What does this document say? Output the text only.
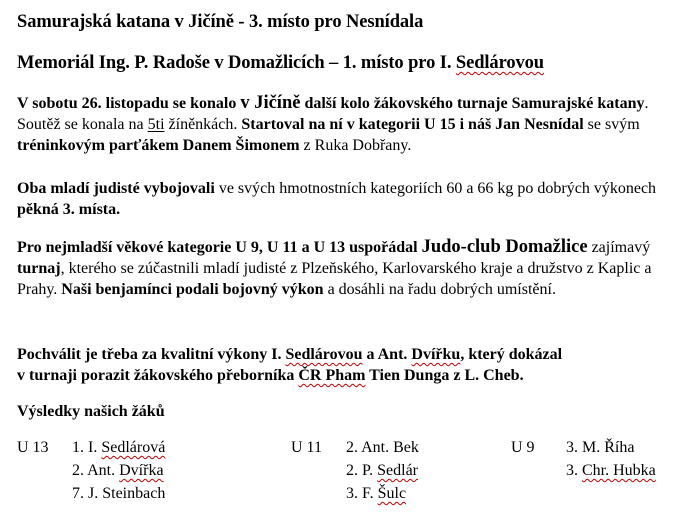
Samurajská katana v Jičíně - 3. místo pro Nesnídala
Memoriál Ing. P. Radoše v Domažlicích – 1. místo pro I. Sedlárovou
V sobotu 26. listopadu se konalo v Jičíně další kolo žákovského turnaje Samurajské katany. Soutěž se konala na 5ti žíněnkách. Startoval na ní v kategorii U 15 i náš Jan Nesnídal se svým tréninkovým parťákem Danem Šimonem z Ruka Dobřany.
Oba mladí judisté vybojovali ve svých hmotnostních kategoriích 60 a 66 kg po dobrých výkonech pěkná 3. místa.
Pro nejmladší věkové kategorie U 9, U 11 a U 13 uspořádal Judo-club Domažlice zajímavý turnaj, kterého se zúčastnili mladí judisté z Plzeňského, Karlovarského kraje a družstvo z Kaplic a Prahy. Naši benjamínci podali bojovný výkon a dosáhli na řadu dobrých umístění.
Pochválit je třeba za kvalitní výkony I. Sedlárovou a Ant. Dvířku, který dokázal
v turnaji porazit žákovského přeborníka ČR Pham Tien Dunga z L. Cheb.
Výsledky našich žáků
U 13 1. I. Sedlárová
2. Ant. Dvířka
7. J. Steinbach
U 11 2. Ant. Bek
2. P. Sedlár
3. F. Šulc
U 9 3. M. Říha
3. Chr. Hubka
